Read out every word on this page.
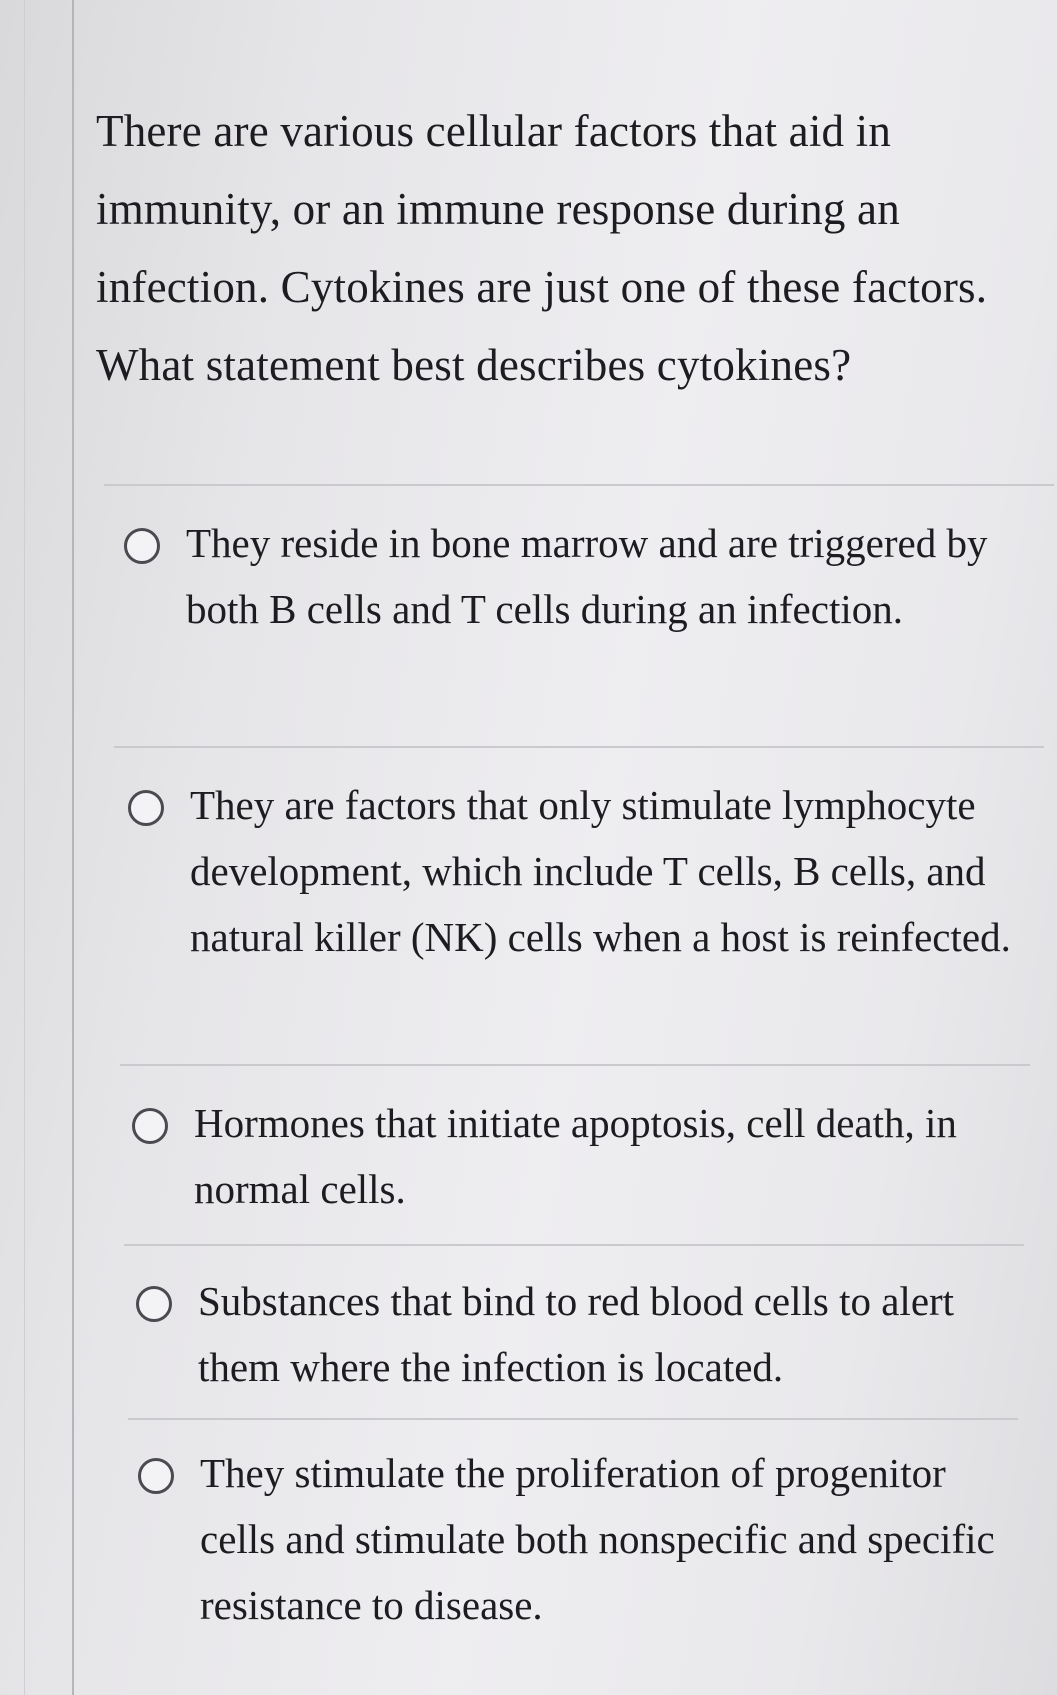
There are various cellular factors that aid in immunity, or an immune response during an infection. Cytokines are just one of these factors. What statement best describes cytokines?
They reside in bone marrow and are triggered by both B cells and T cells during an infection.
They are factors that only stimulate lymphocyte development, which include T cells, B cells, and natural killer (NK) cells when a host is reinfected.
Hormones that initiate apoptosis, cell death, in normal cells.
Substances that bind to red blood cells to alert them where the infection is located.
They stimulate the proliferation of progenitor cells and stimulate both nonspecific and specific resistance to disease.
